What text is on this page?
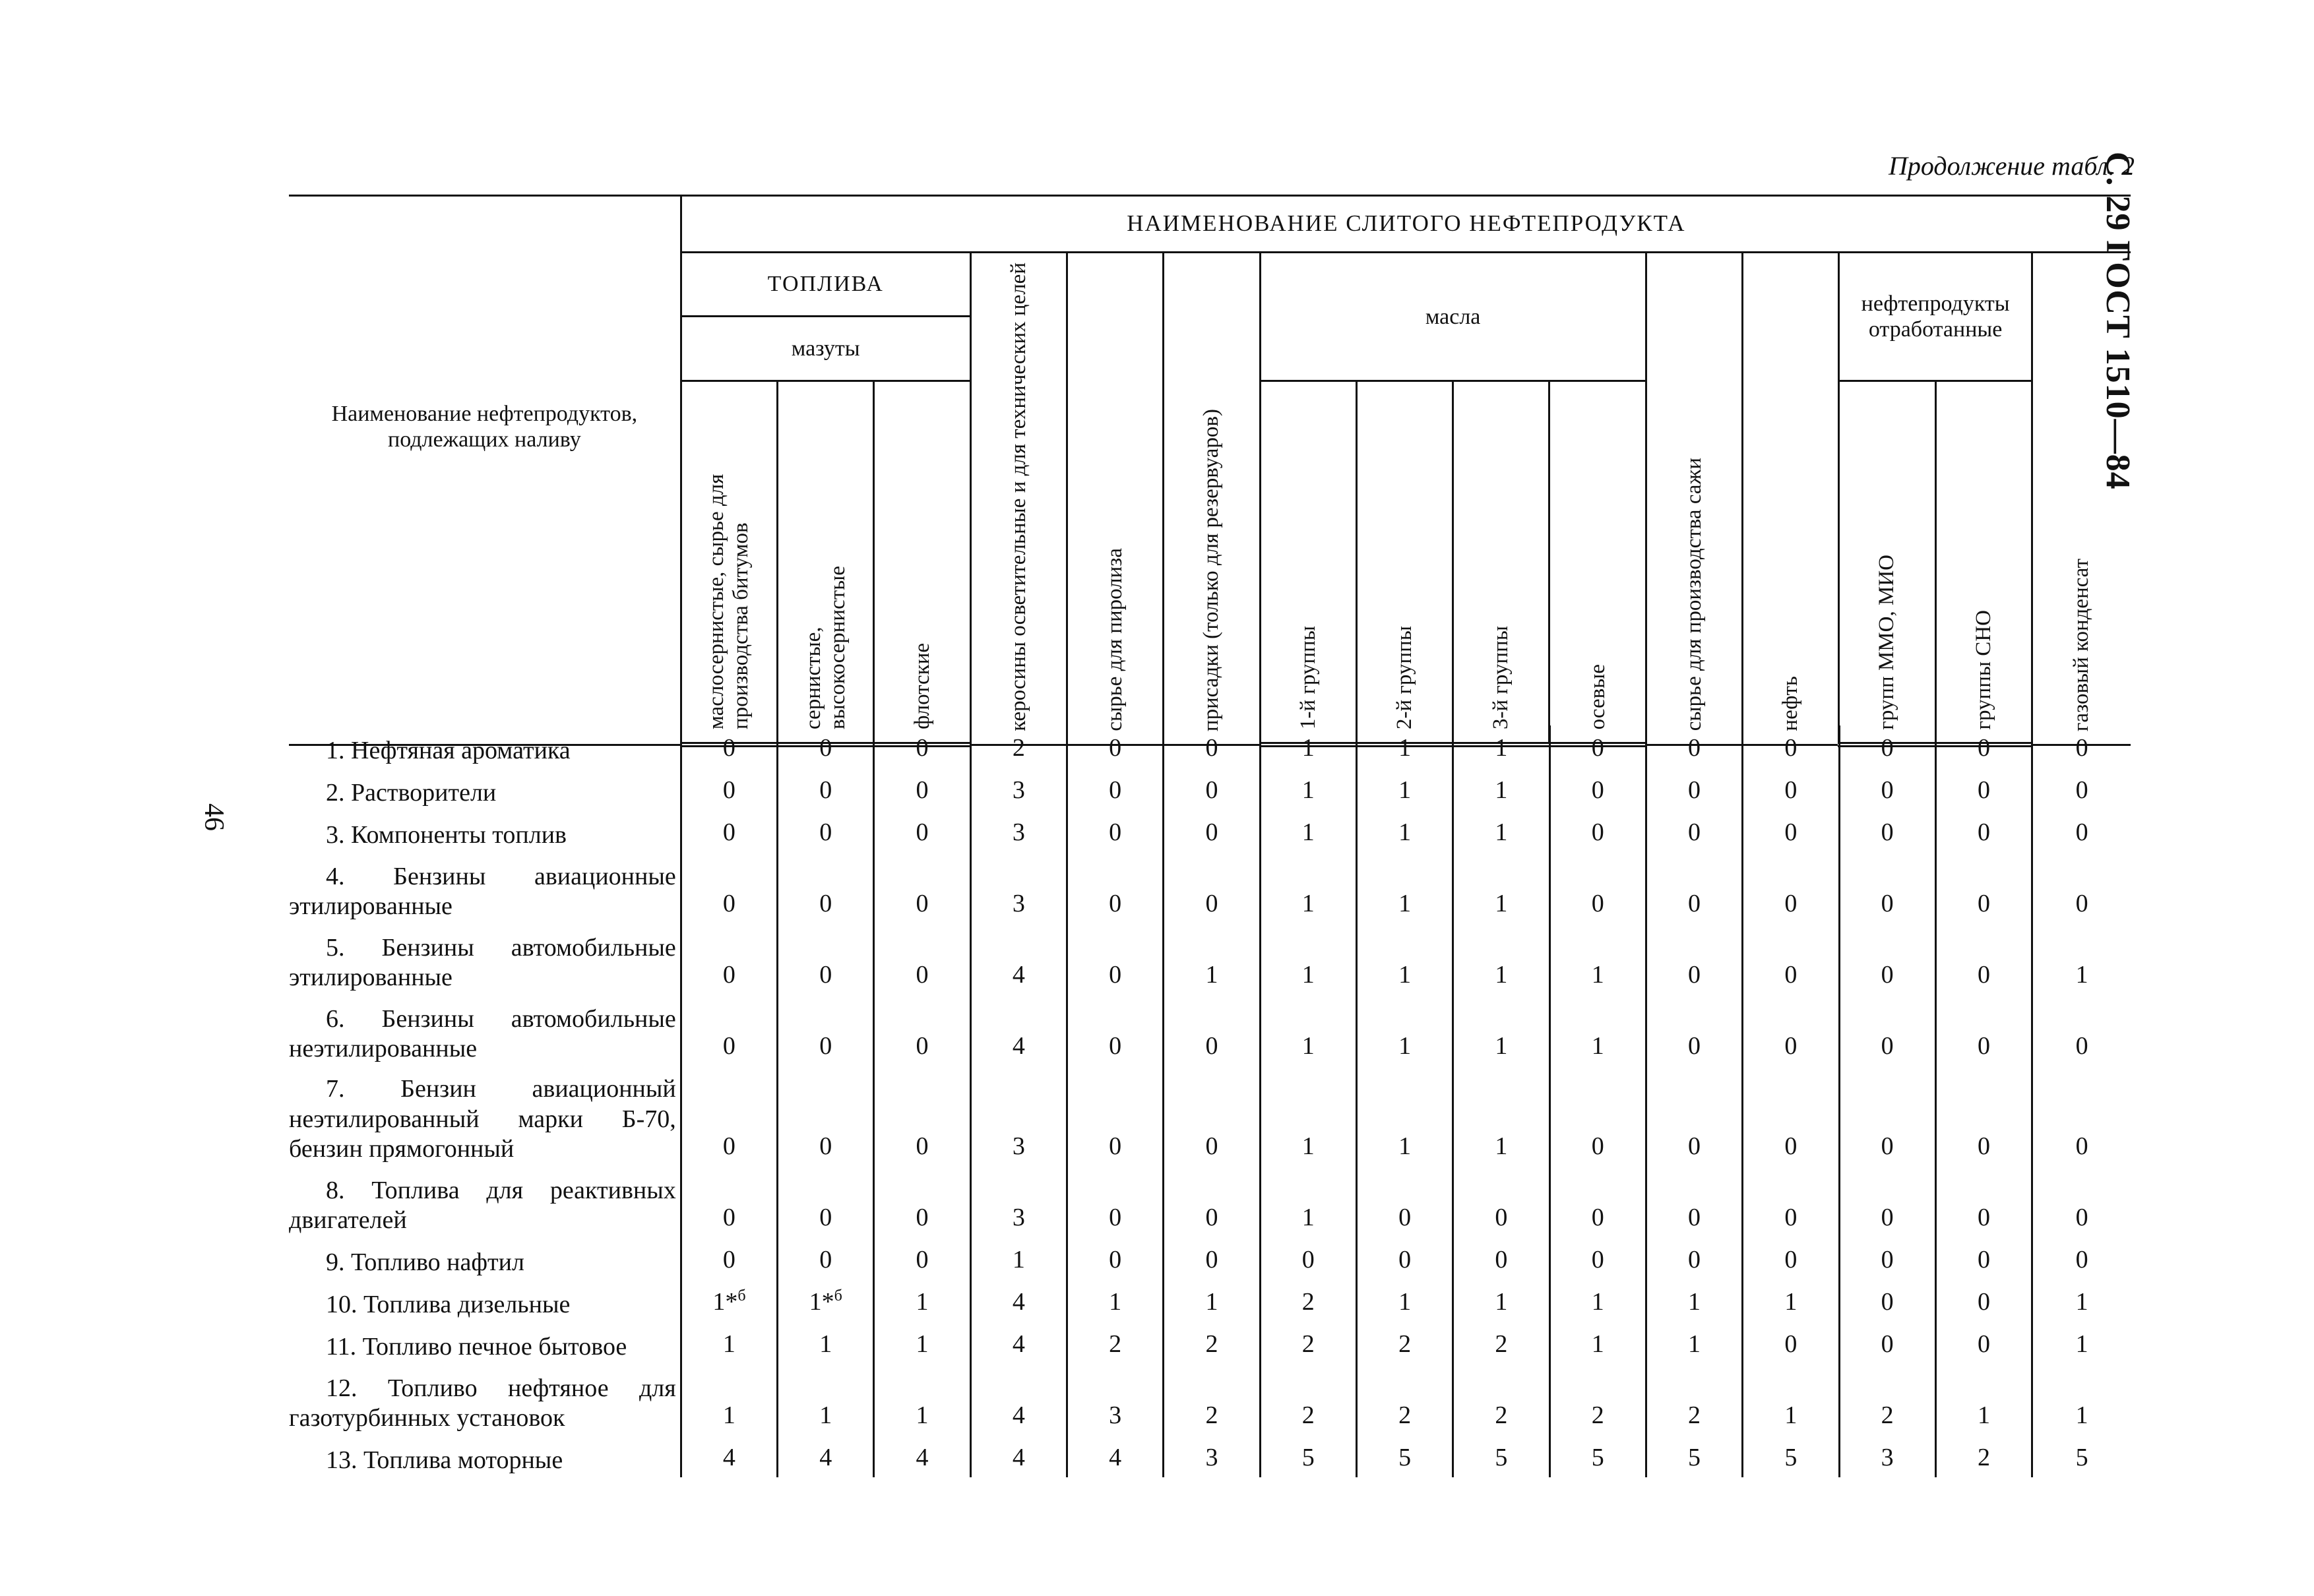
С. 29 ГОСТ 1510—84
46
Продолжение табл. 2
Наименование нефтепродуктов, подлежащих наливу	НАИМЕНОВАНИЕ СЛИТОГО НЕФТЕПРОДУКТА														
	ТОПЛИВА			керосины осветительные и для технических целей	сырье для пиролиза	присадки (только для резервуаров)	масла				сырье для производства сажи	нефть	нефтепродукты отработанные		газовый конденсат
	мазуты														
	маслосернистые, сырье для производства битумов	сернистые, высокосернистые	флотские				1-й группы	2-й группы	3-й группы	осевые			групп ММО, МИО	группы СНО	
1. Нефтяная ароматика	0	0	0	2	0	0	1	1	1	0	0	0	0	0	0

2. Растворители	0	0	0	3	0	0	1	1	1	0	0	0	0	0	0

3. Компоненты топлив	0	0	0	3	0	0	1	1	1	0	0	0	0	0	0

4. Бензины авиационные
этилированные	0	0	0	3	0	0	1	1	1	0	0	0	0	0	0

5. Бензины автомобильные
этилированные	0	0	0	4	0	1	1	1	1	1	0	0	0	0	1

6. Бензины автомобильные
неэтилированные	0	0	0	4	0	0	1	1	1	1	0	0	0	0	0

7. Бензин авиационный
неэтилированный марки Б-70, бензин прямогонный	0	0	0	3	0	0	1	1	1	0	0	0	0	0	0

8. Топлива для реактивных
двигателей	0	0	0	3	0	0	1	0	0	0	0	0	0	0	0

9. Топливо нафтил	0	0	0	1	0	0	0	0	0	0	0	0	0	0	0

10. Топлива дизельные	1*$^б$	1*$^б$	1	4	1	1	2	1	1	1	1	1	0	0	1

11. Топливо печное бытовое	1	1	1	4	2	2	2	2	2	1	1	0	0	0	1

12. Топливо нефтяное для
газотурбинных установок	1	1	1	4	3	2	2	2	2	2	2	1	2	1	1

13. Топлива моторные	4	4	4	4	4	3	5	5	5	5	5	5	3	2	5
